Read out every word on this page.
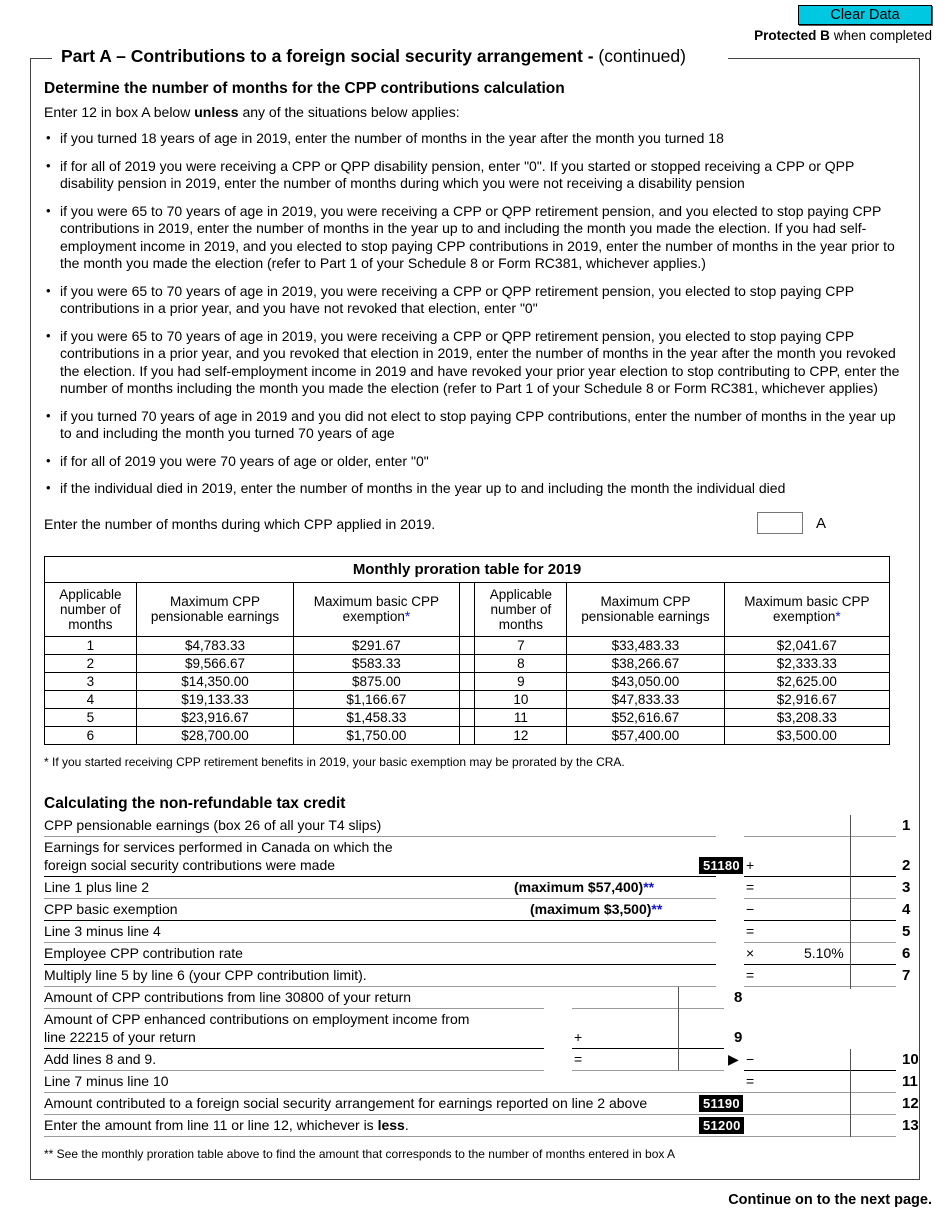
Clear Data
Protected B when completed
Part A – Contributions to a foreign social security arrangement - (continued)
Determine the number of months for the CPP contributions calculation

Enter 12 in box A below unless any of the situations below applies:

• if you turned 18 years of age in 2019, enter the number of months in the year after the month you turned 18
• if for all of 2019 you were receiving a CPP or QPP disability pension, enter "0". If you started or stopped receiving a CPP or QPP disability pension in 2019, enter the number of months during which you were not receiving a disability pension
• if you were 65 to 70 years of age in 2019, you were receiving a CPP or QPP retirement pension, and you elected to stop paying CPP contributions in 2019, enter the number of months in the year up to and including the month you made the election. If you had self-employment income in 2019, and you elected to stop paying CPP contributions in 2019, enter the number of months in the year prior to the month you made the election (refer to Part 1 of your Schedule 8 or Form RC381, whichever applies.)
• if you were 65 to 70 years of age in 2019, you were receiving a CPP or QPP retirement pension, you elected to stop paying CPP contributions in a prior year, and you have not revoked that election, enter "0"
• if you were 65 to 70 years of age in 2019, you were receiving a CPP or QPP retirement pension, you elected to stop paying CPP contributions in a prior year, and you revoked that election in 2019, enter the number of months in the year after the month you revoked the election. If you had self-employment income in 2019 and have revoked your prior year election to stop contributing to CPP, enter the number of months including the month you made the election (refer to Part 1 of your Schedule 8 or Form RC381, whichever applies)
• if you turned 70 years of age in 2019 and you did not elect to stop paying CPP contributions, enter the number of months in the year up to and including the month you turned 70 years of age
• if for all of 2019 you were 70 years of age or older, enter "0"
• if the individual died in 2019, enter the number of months in the year up to and including the month the individual died
Enter the number of months during which CPP applied in 2019.	A
Monthly proration table for 2019						
Applicable number of months	Maximum CPP pensionable earnings	Maximum basic CPP exemption*		Applicable number of months	Maximum CPP pensionable earnings	Maximum basic CPP exemption*
1	$4,783.33	$291.67		7	$33,483.33	$2,041.67
2	$9,566.67	$583.33		8	$38,266.67	$2,333.33
3	$14,350.00	$875.00		9	$43,050.00	$2,625.00
4	$19,133.33	$1,166.67		10	$47,833.33	$2,916.67
5	$23,916.67	$1,458.33		11	$52,616.67	$3,208.33
6	$28,700.00	$1,750.00		12	$57,400.00	$3,500.00
* If you started receiving CPP retirement benefits in 2019, your basic exemption may be prorated by the CRA.
Calculating the non-refundable tax credit
CPP pensionable earnings (box 26 of all your T4 slips)	1
Earnings for services performed in Canada on which the
foreign social security contributions were made	51180 +	2
Line 1 plus line 2	(maximum $57,400)**	=	3
CPP basic exemption	(maximum $3,500)**	−	4
Line 3 minus line 4	=	5
Employee CPP contribution rate	×	5.10%	6
Multiply line 5 by line 6 (your CPP contribution limit).	=	7
Amount of CPP contributions from line 30800 of your return	8
Amount of CPP enhanced contributions on employment income from
line 22215 of your return	+	9
Add lines 8 and 9.	=	▶ −	10
Line 7 minus line 10	=	11
Amount contributed to a foreign social security arrangement for earnings reported on line 2 above	51190	12
Enter the amount from line 11 or line 12, whichever is less.	51200	13
** See the monthly proration table above to find the amount that corresponds to the number of months entered in box A
Continue on to the next page.
